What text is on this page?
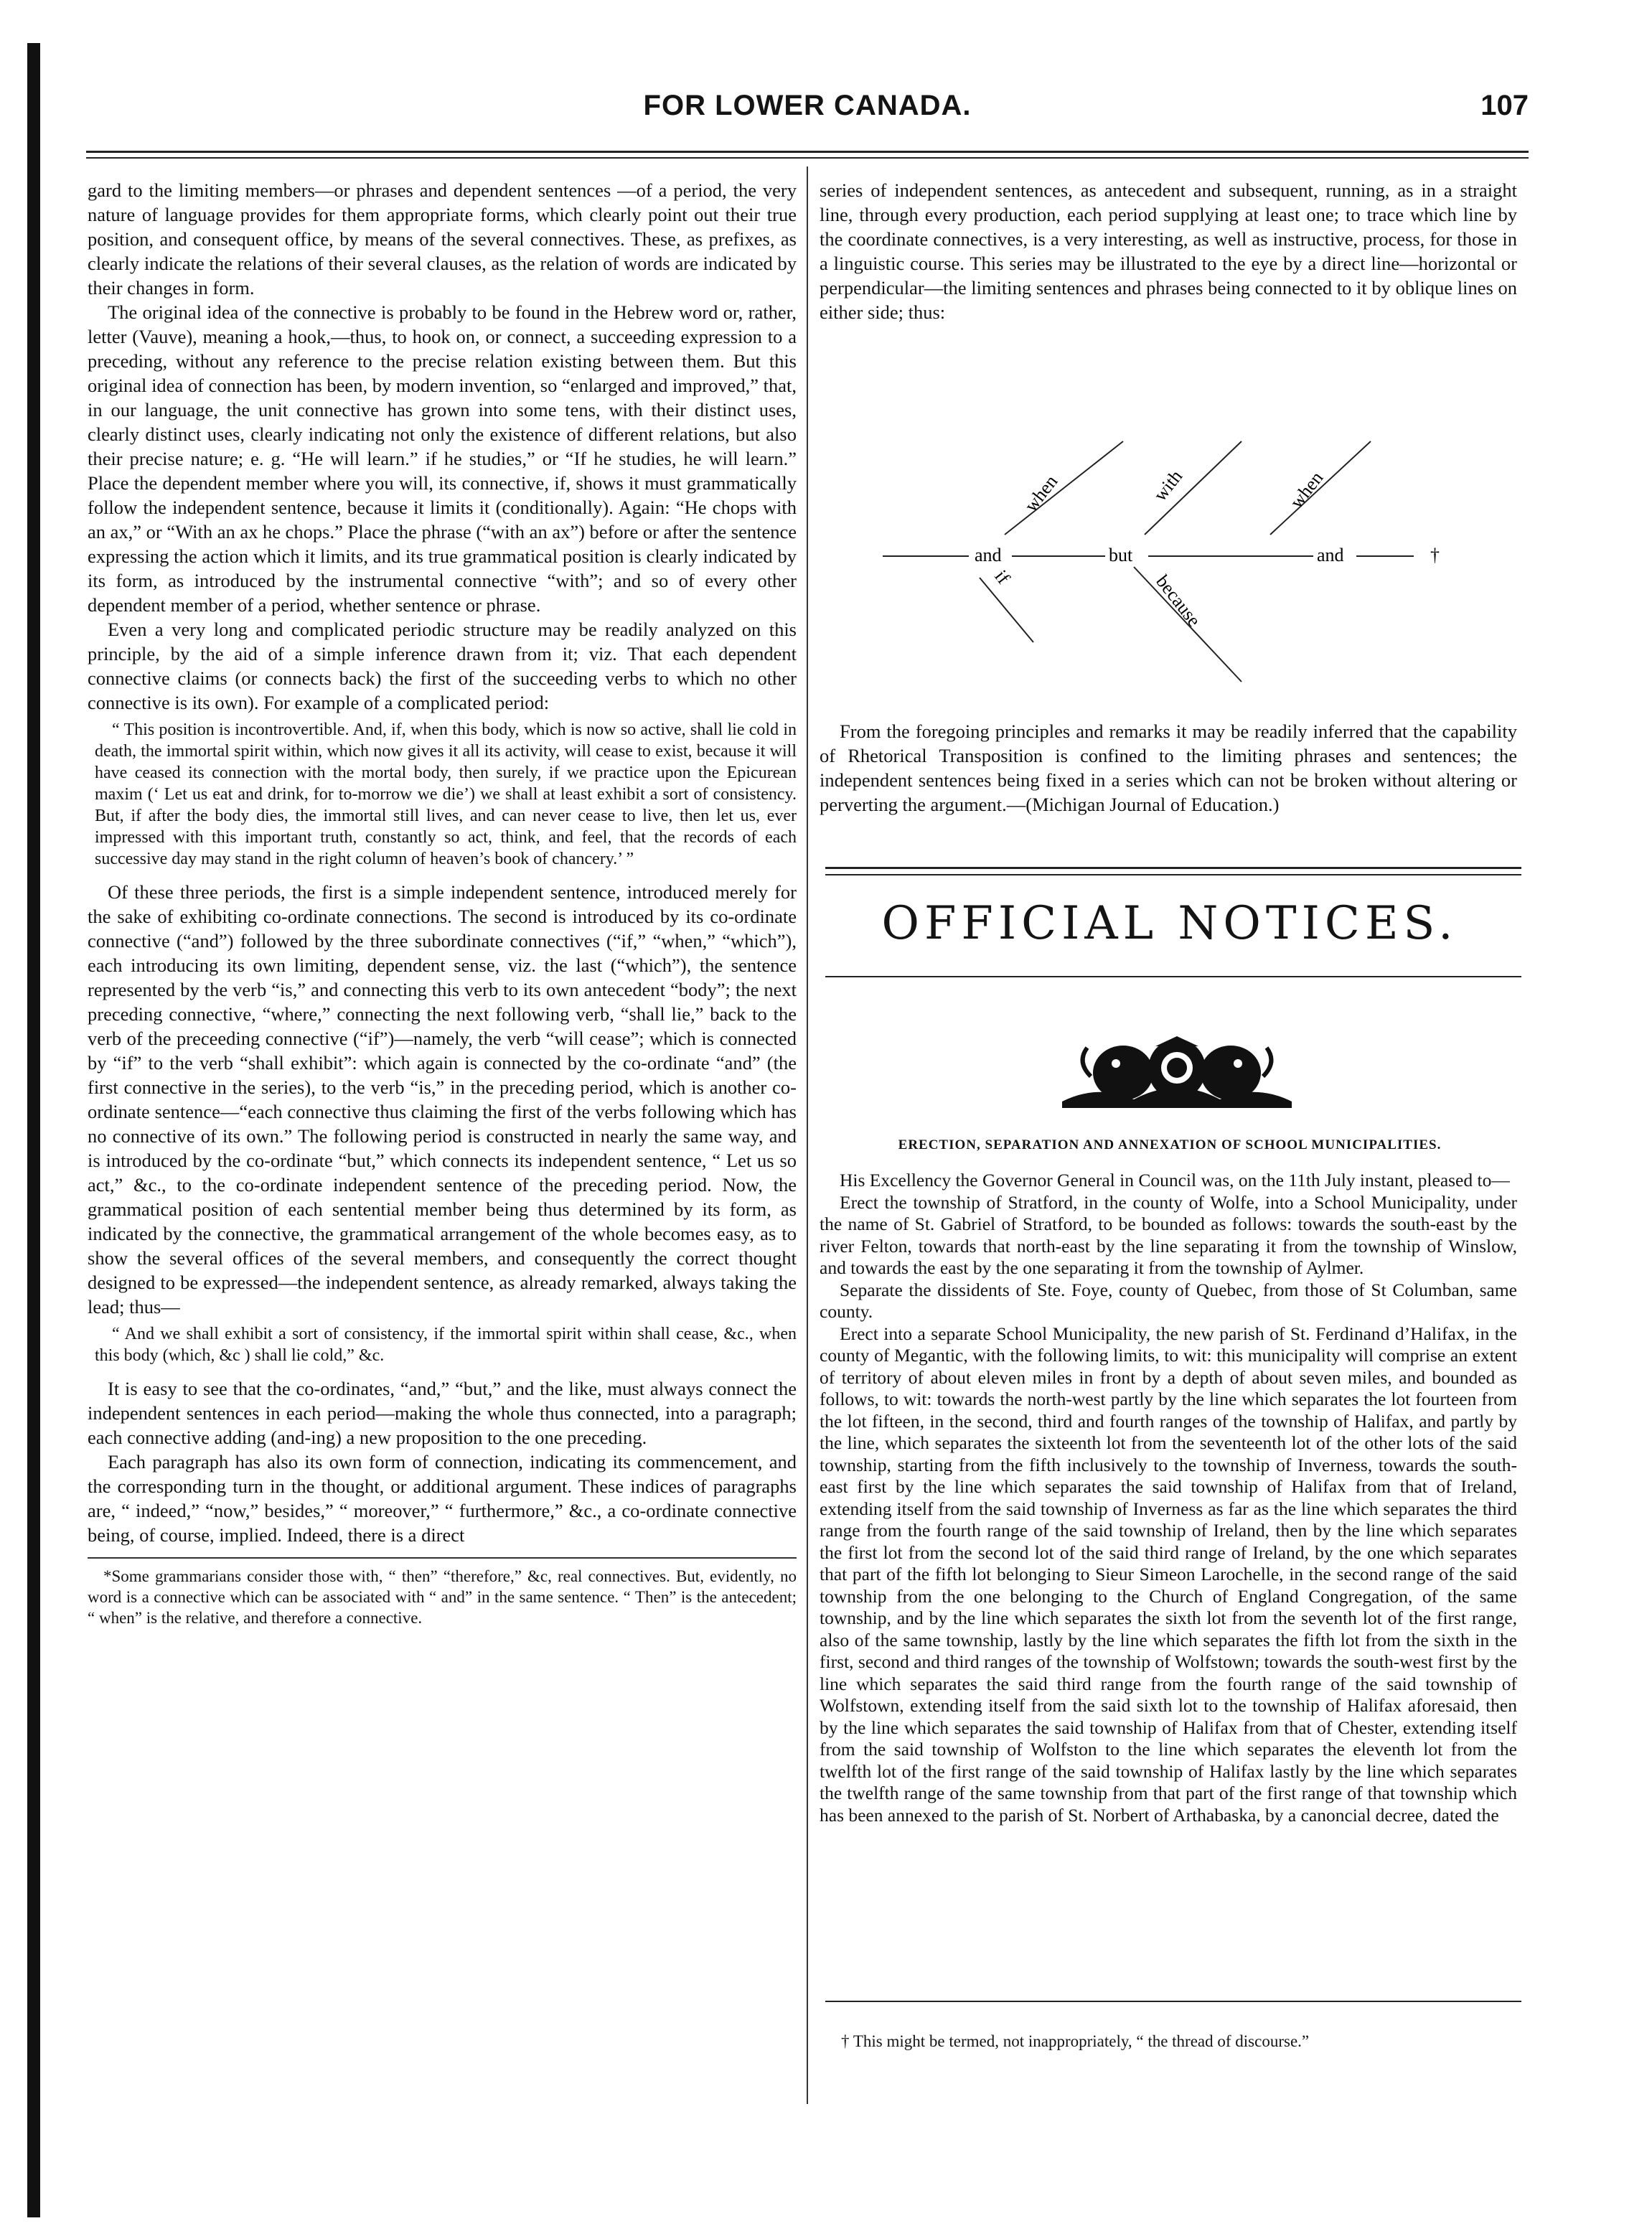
FOR LOWER CANADA.	107

gard to the limiting members—or phrases and dependent sentences —of a period, the very nature of language provides for them appropriate forms, which clearly point out their true position, and consequent office, by means of the several connectives. These, as prefixes, as clearly indicate the relations of their several clauses, as the relation of words are indicated by their changes in form.

The original idea of the connective is probably to be found in the Hebrew word or, rather, letter (Vauve), meaning a hook,—thus, to hook on, or connect, a succeeding expression to a preceding, without any reference to the precise relation existing between them. But this original idea of connection has been, by modern invention, so “enlarged and improved,” that, in our language, the unit connective has grown into some tens, with their distinct uses, clearly distinct uses, clearly indicating not only the existence of different relations, but also their precise nature; e. g. “He will learn.” if he studies,” or “If he studies, he will learn.” Place the dependent member where you will, its connective, if, shows it must grammatically follow the independent sentence, because it limits it (conditionally). Again: “He chops with an ax,” or “With an ax he chops.” Place the phrase (“with an ax”) before or after the sentence expressing the action which it limits, and its true grammatical position is clearly indicated by its form, as introduced by the instrumental connective “with”; and so of every other dependent member of a period, whether sentence or phrase.

Even a very long and complicated periodic structure may be readily analyzed on this principle, by the aid of a simple inference drawn from it; viz. That each dependent connective claims (or connects back) the first of the succeeding verbs to which no other connective is its own). For example of a complicated period:

“ This position is incontrovertible. And, if, when this body, which is now so active, shall lie cold in death, the immortal spirit within, which now gives it all its activity, will cease to exist, because it will have ceased its connection with the mortal body, then surely, if we practice upon the Epicurean maxim (‘ Let us eat and drink, for to-morrow we die’) we shall at least exhibit a sort of consistency. But, if after the body dies, the immortal still lives, and can never cease to live, then let us, ever impressed with this important truth, constantly so act, think, and feel, that the records of each successive day may stand in the right column of heaven’s book of chancery.’ ”

Of these three periods, the first is a simple independent sentence, introduced merely for the sake of exhibiting co-ordinate connections. The second is introduced by its co-ordinate connective (“and”) followed by the three subordinate connectives (“if,” “when,” “which”), each introducing its own limiting, dependent sense, viz. the last (“which”), the sentence represented by the verb “is,” and connecting this verb to its own antecedent “body”; the next preceding connective, “where,” connecting the next following verb, “shall lie,” back to the verb of the preceeding connective (“if”)—namely, the verb “will cease”; which is connected by “if” to the verb “shall exhibit”: which again is connected by the co-ordinate “and” (the first connective in the series), to the verb “is,” in the preceding period, which is another co-ordinate sentence—“each connective thus claiming the first of the verbs following which has no connective of its own.” The following period is constructed in nearly the same way, and is introduced by the co-ordinate “but,” which connects its independent sentence, “ Let us so act,” &c., to the co-ordinate independent sentence of the preceding period. Now, the grammatical position of each sentential member being thus determined by its form, as indicated by the connective, the grammatical arrangement of the whole becomes easy, as to show the several offices of the several members, and consequently the correct thought designed to be expressed—the independent sentence, as already remarked, always taking the lead; thus—

“ And we shall exhibit a sort of consistency, if the immortal spirit within shall cease, &c., when this body (which, &c ) shall lie cold,” &c.

It is easy to see that the co-ordinates, “and,” “but,” and the like, must always connect the independent sentences in each period—making the whole thus connected, into a paragraph; each connective adding (and-ing) a new proposition to the one preceding.

Each paragraph has also its own form of connection, indicating its commencement, and the corresponding turn in the thought, or additional argument. These indices of paragraphs are, “ indeed,” “now,” besides,” “ moreover,” “ furthermore,” &c., a co-ordinate connective being, of course, implied. Indeed, there is a direct

*Some grammarians consider those with, “ then” “therefore,” &c, real connectives. But, evidently, no word is a connective which can be associated with “ and” in the same sentence. “ Then” is the antecedent; “ when” is the relative, and therefore a connective.

series of independent sentences, as antecedent and subsequent, running, as in a straight line, through every production, each period supplying at least one; to trace which line by the coordinate connectives, is a very interesting, as well as instructive, process, for those in a linguistic course. This series may be illustrated to the eye by a direct line—horizontal or perpendicular—the limiting sentences and phrases being connected to it by oblique lines on either side; thus:

and	but	and	†
when	with	when
if	because

From the foregoing principles and remarks it may be readily inferred that the capability of Rhetorical Transposition is confined to the limiting phrases and sentences; the independent sentences being fixed in a series which can not be broken without altering or perverting the argument.—(Michigan Journal of Education.)

OFFICIAL NOTICES.
ERECTION, SEPARATION AND ANNEXATION OF SCHOOL MUNICIPALITIES.

His Excellency the Governor General in Council was, on the 11th July instant, pleased to—

Erect the township of Stratford, in the county of Wolfe, into a School Municipality, under the name of St. Gabriel of Stratford, to be bounded as follows: towards the south-east by the river Felton, towards that north-east by the line separating it from the township of Winslow, and towards the east by the one separating it from the township of Aylmer.

Separate the dissidents of Ste. Foye, county of Quebec, from those of St Columban, same county.

Erect into a separate School Municipality, the new parish of St. Ferdinand d’Halifax, in the county of Megantic, with the following limits, to wit: this municipality will comprise an extent of territory of about eleven miles in front by a depth of about seven miles, and bounded as follows, to wit: towards the north-west partly by the line which separates the lot fourteen from the lot fifteen, in the second, third and fourth ranges of the township of Halifax, and partly by the line, which separates the sixteenth lot from the seventeenth lot of the other lots of the said township, starting from the fifth inclusively to the township of Inverness, towards the south-east first by the line which separates the said township of Halifax from that of Ireland, extending itself from the said township of Inverness as far as the line which separates the third range from the fourth range of the said township of Ireland, then by the line which separates the first lot from the second lot of the said third range of Ireland, by the one which separates that part of the fifth lot belonging to Sieur Simeon Larochelle, in the second range of the said township from the one belonging to the Church of England Congregation, of the same township, and by the line which separates the sixth lot from the seventh lot of the first range, also of the same township, lastly by the line which separates the fifth lot from the sixth in the first, second and third ranges of the township of Wolfstown; towards the south-west first by the line which separates the said third range from the fourth range of the said township of Wolfstown, extending itself from the said sixth lot to the township of Halifax aforesaid, then by the line which separates the said township of Halifax from that of Chester, extending itself from the said township of Wolfston to the line which separates the eleventh lot from the twelfth lot of the first range of the said township of Halifax lastly by the line which separates the twelfth range of the same township from that part of the first range of that township which has been annexed to the parish of St. Norbert of Arthabaska, by a canoncial decree, dated the

† This might be termed, not inappropriately, “ the thread of discourse.”
